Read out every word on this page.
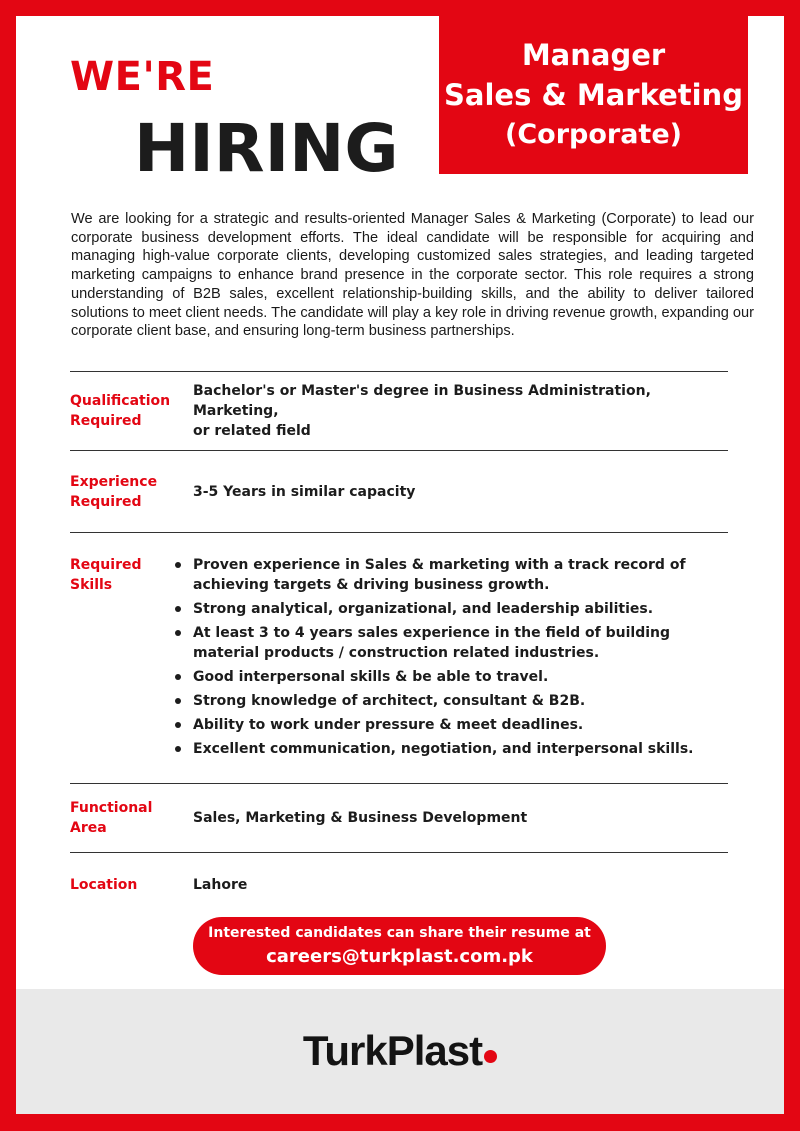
WE'RE
HIRING
Manager
Sales & Marketing
(Corporate)

We are looking for a strategic and results-oriented Manager Sales & Marketing (Corporate) to lead our corporate business development efforts. The ideal candidate will be responsible for acquiring and managing high-value corporate clients, developing customized sales strategies, and leading targeted marketing campaigns to enhance brand presence in the corporate sector. This role requires a strong understanding of B2B sales, excellent relationship-building skills, and the ability to deliver tailored solutions to meet client needs. The candidate will play a key role in driving revenue growth, expanding our corporate client base, and ensuring long-term business partnerships.

Qualification
Required
Bachelor's or Master's degree in Business Administration, Marketing,
or related field
Experience
Required
3-5 Years in similar capacity
Required
Skills
Proven experience in Sales & marketing with a track record of achieving targets & driving business growth.
Strong analytical, organizational, and leadership abilities.
At least 3 to 4 years sales experience in the field of building material products / construction related industries.
Good interpersonal skills & be able to travel.
Strong knowledge of architect, consultant & B2B.
Ability to work under pressure & meet deadlines.
Excellent communication, negotiation, and interpersonal skills.
Functional
Area
Sales, Marketing & Business Development
Location	Lahore
Interested candidates can share their resume at
careers@turkplast.com.pk
TurkPlast
